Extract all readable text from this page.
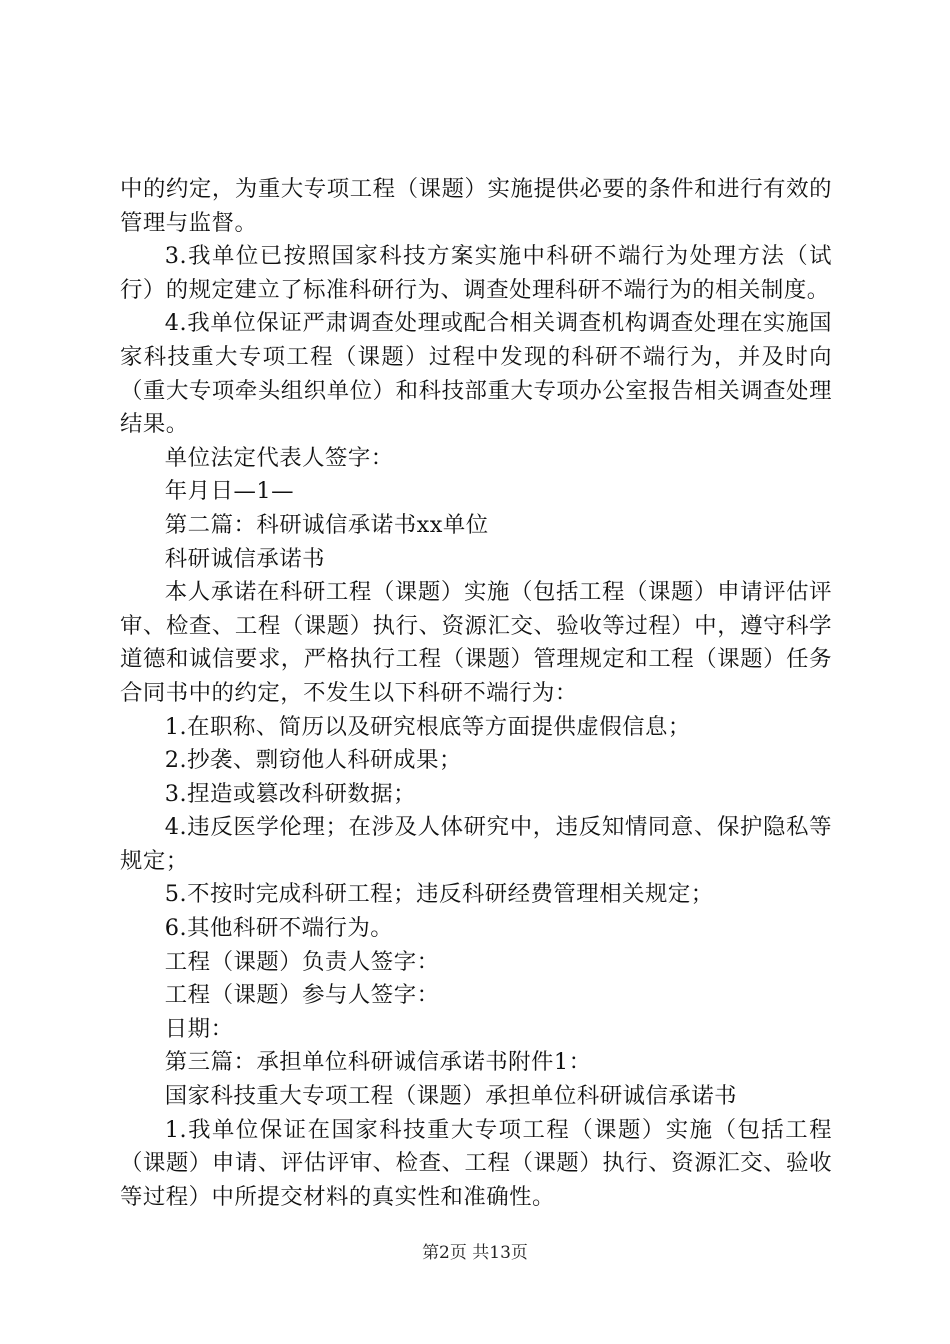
中的约定，为重大专项工程（课题）实施提供必要的条件和进行有效的管理与监督。

3.我单位已按照国家科技方案实施中科研不端行为处理方法（试行）的规定建立了标准科研行为、调查处理科研不端行为的相关制度。

4.我单位保证严肃调查处理或配合相关调查机构调查处理在实施国家科技重大专项工程（课题）过程中发现的科研不端行为，并及时向（重大专项牵头组织单位）和科技部重大专项办公室报告相关调查处理结果。

单位法定代表人签字：

年月日—1—

第二篇：科研诚信承诺书xx单位

科研诚信承诺书

本人承诺在科研工程（课题）实施（包括工程（课题）申请评估评审、检查、工程（课题）执行、资源汇交、验收等过程）中，遵守科学道德和诚信要求，严格执行工程（课题）管理规定和工程（课题）任务合同书中的约定，不发生以下科研不端行为：

1.在职称、简历以及研究根底等方面提供虚假信息；

2.抄袭、剽窃他人科研成果；

3.捏造或篡改科研数据；

4.违反医学伦理；在涉及人体研究中，违反知情同意、保护隐私等规定；

5.不按时完成科研工程；违反科研经费管理相关规定；

6.其他科研不端行为。

工程（课题）负责人签字：

工程（课题）参与人签字：

日期：

第三篇：承担单位科研诚信承诺书附件1：

国家科技重大专项工程（课题）承担单位科研诚信承诺书

1.我单位保证在国家科技重大专项工程（课题）实施（包括工程（课题）申请、评估评审、检查、工程（课题）执行、资源汇交、验收等过程）中所提交材料的真实性和准确性。

第2页 共13页
